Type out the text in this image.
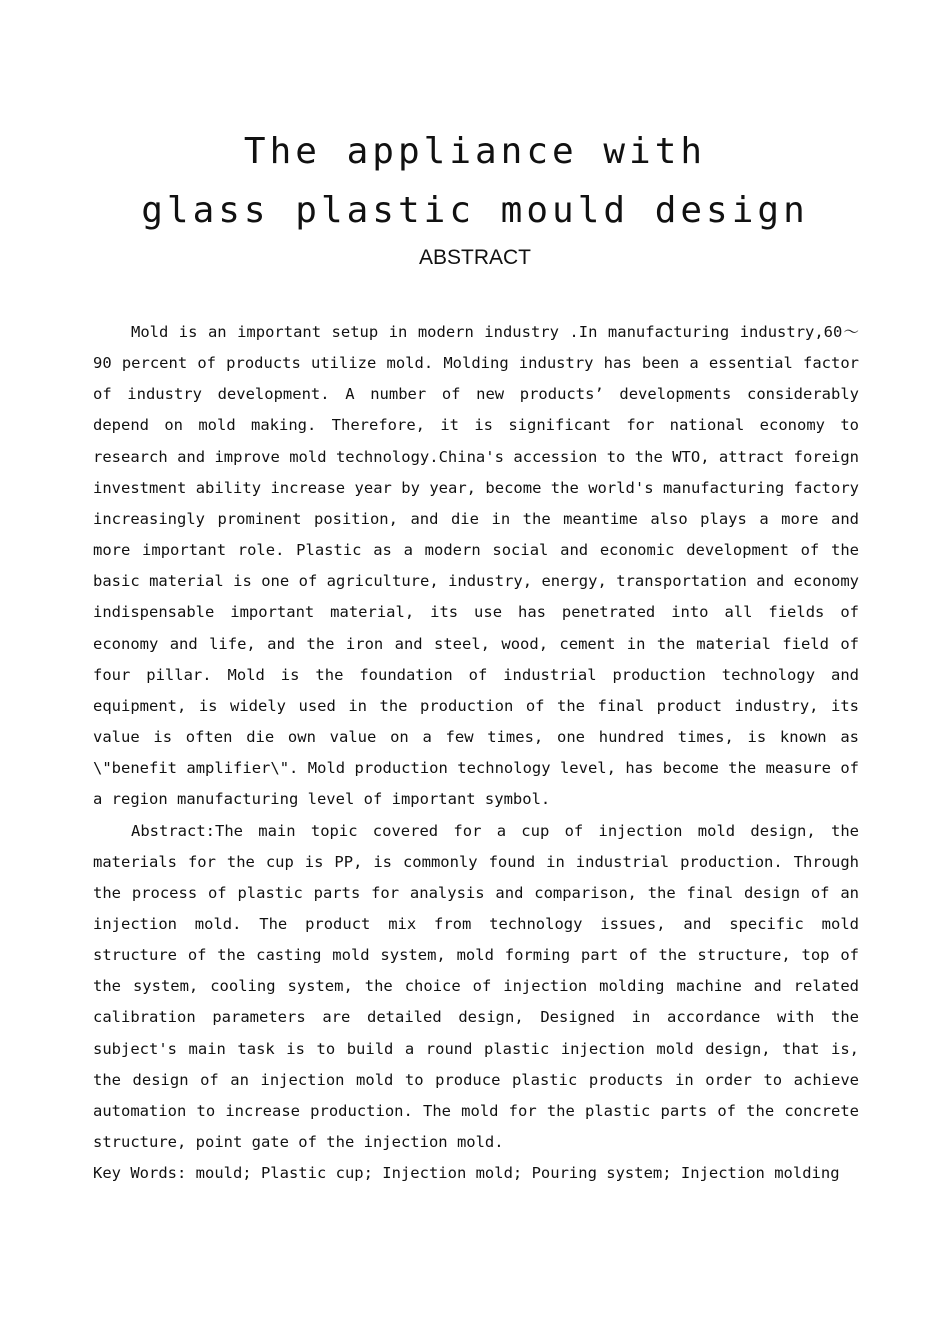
The appliance with
glass plastic mould design
ABSTRACT

Mold is an important setup in modern industry .In manufacturing industry,60～90 percent of products utilize mold. Molding industry has been a essential factor of industry development. A number of new products’ developments considerably depend on mold making. Therefore, it is significant for national economy to research and improve mold technology.China's accession to the WTO, attract foreign investment ability increase year by year, become the world's manufacturing factory increasingly prominent position, and die in the meantime also plays a more and more important role. Plastic as a modern social and economic development of the basic material is one of agriculture, industry, energy, transportation and economy indispensable important material, its use has penetrated into all fields of economy and life, and the iron and steel, wood, cement in the material field of four pillar. Mold is the foundation of industrial production technology and equipment, is widely used in the production of the final product industry, its value is often die own value on a few times, one hundred times, is known as \"benefit amplifier\". Mold production technology level, has become the measure of a region manufacturing level of important symbol.

Abstract:The main topic covered for a cup of injection mold design, the materials for the cup is PP, is commonly found in industrial production. Through the process of plastic parts for analysis and comparison, the final design of an injection mold. The product mix from technology issues, and specific mold structure of the casting mold system, mold forming part of the structure, top of the system, cooling system, the choice of injection molding machine and related calibration parameters are detailed design, Designed in accordance with the subject's main task is to build a round plastic injection mold design, that is, the design of an injection mold to produce plastic products in order to achieve automation to increase production. The mold for the plastic parts of the concrete structure, point gate of the injection mold.

Key Words: mould; Plastic cup; Injection mold; Pouring system; Injection molding
